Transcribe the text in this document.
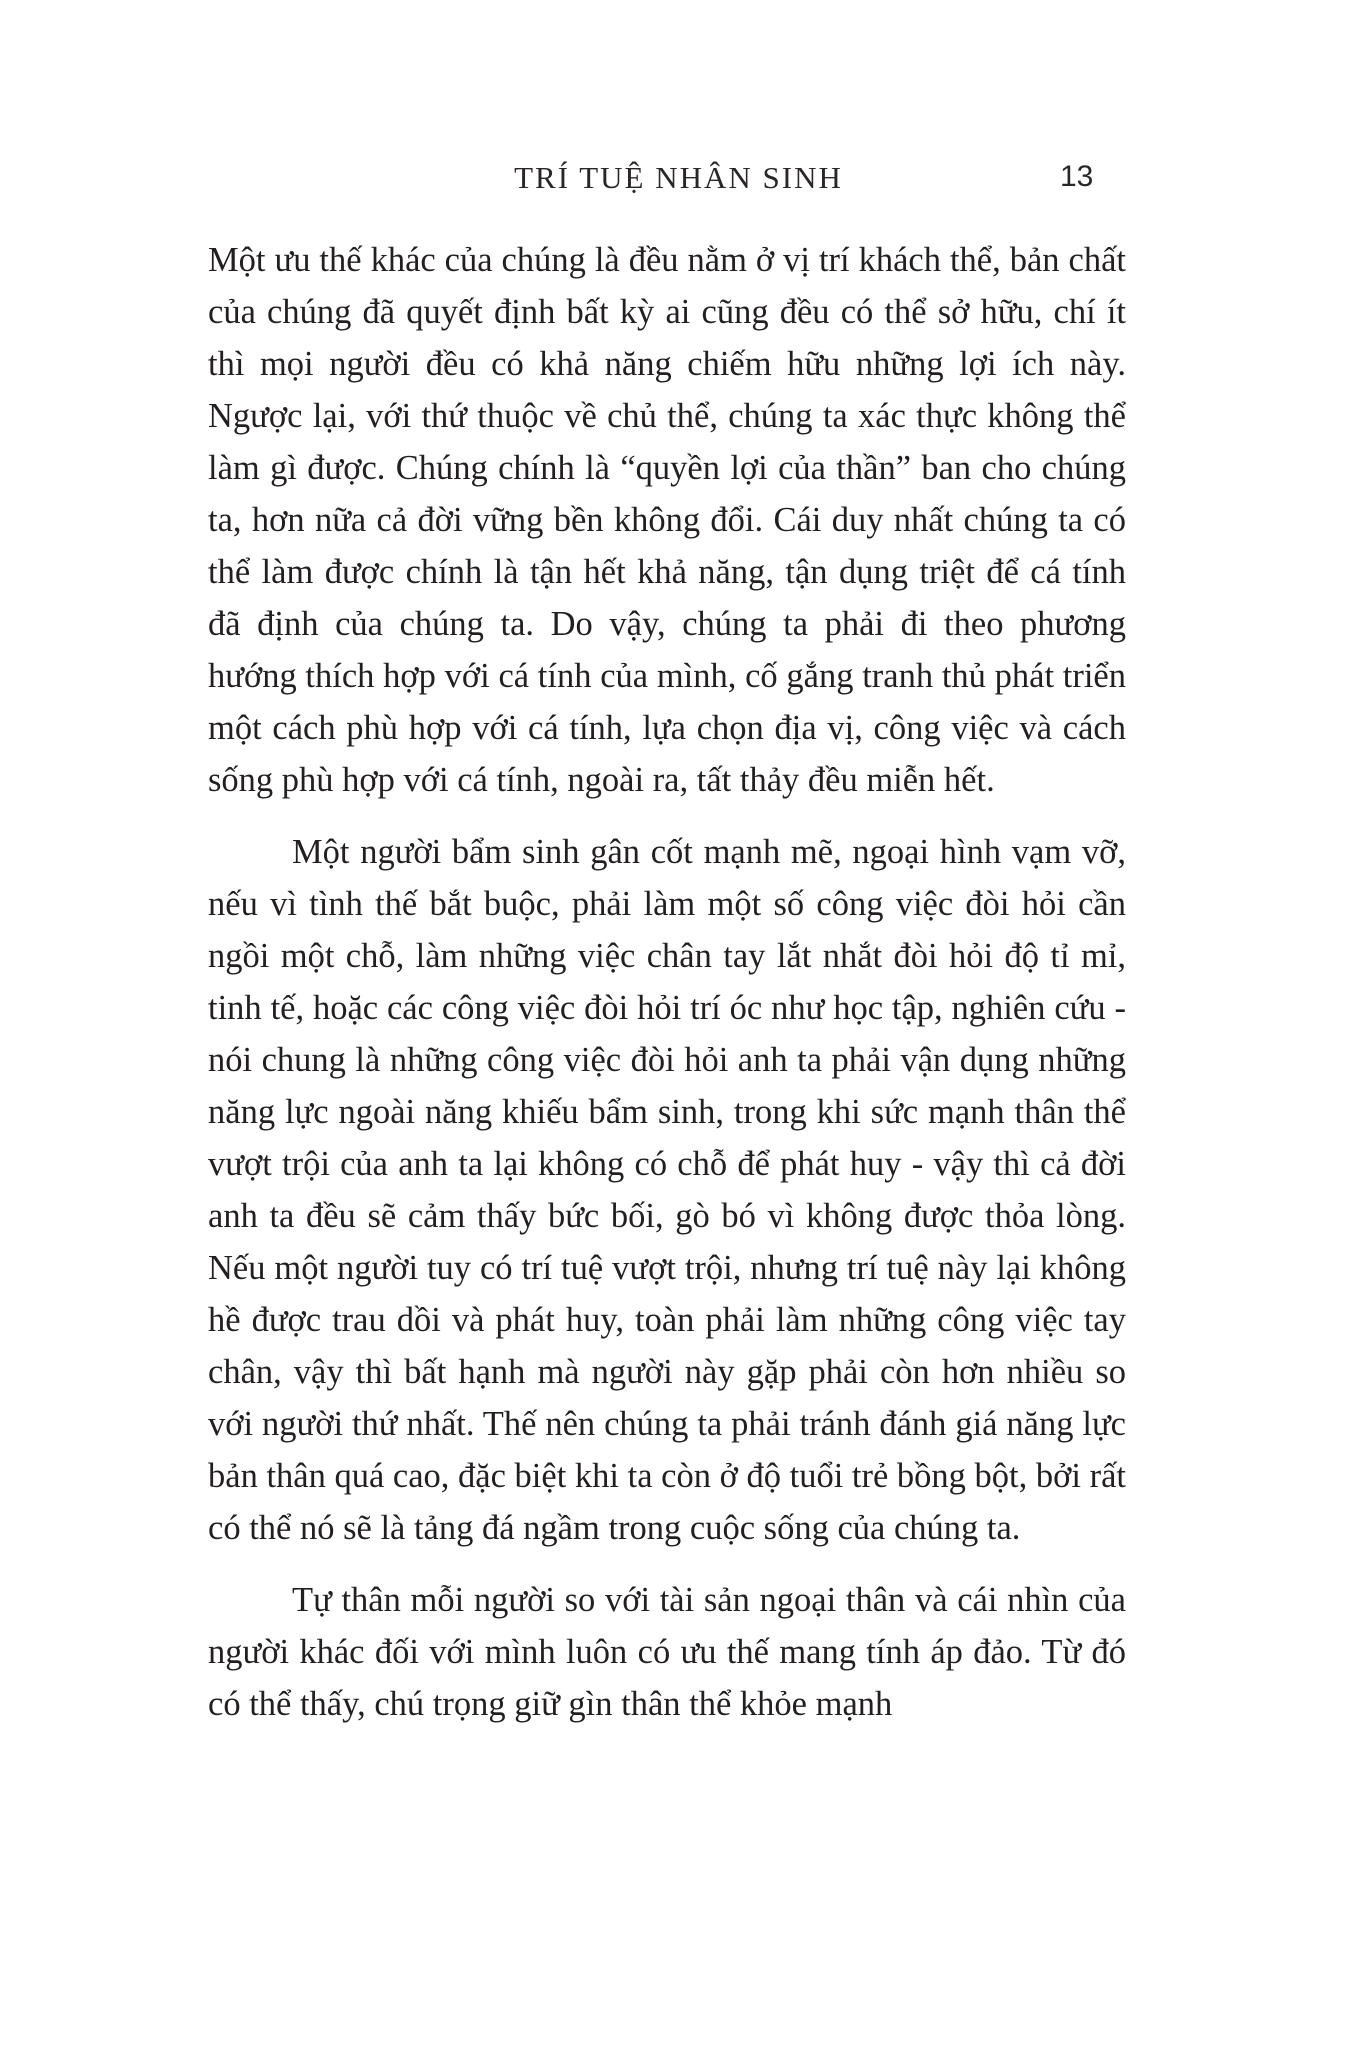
TRÍ TUỆ NHÂN SINH	13

Một ưu thế khác của chúng là đều nằm ở vị trí khách thể, bản chất của chúng đã quyết định bất kỳ ai cũng đều có thể sở hữu, chí ít thì mọi người đều có khả năng chiếm hữu những lợi ích này. Ngược lại, với thứ thuộc về chủ thể, chúng ta xác thực không thể làm gì được. Chúng chính là “quyền lợi của thần” ban cho chúng ta, hơn nữa cả đời vững bền không đổi. Cái duy nhất chúng ta có thể làm được chính là tận hết khả năng, tận dụng triệt để cá tính đã định của chúng ta. Do vậy, chúng ta phải đi theo phương hướng thích hợp với cá tính của mình, cố gắng tranh thủ phát triển một cách phù hợp với cá tính, lựa chọn địa vị, công việc và cách sống phù hợp với cá tính, ngoài ra, tất thảy đều miễn hết.

Một người bẩm sinh gân cốt mạnh mẽ, ngoại hình vạm vỡ, nếu vì tình thế bắt buộc, phải làm một số công việc đòi hỏi cần ngồi một chỗ, làm những việc chân tay lắt nhắt đòi hỏi độ tỉ mỉ, tinh tế, hoặc các công việc đòi hỏi trí óc như học tập, nghiên cứu - nói chung là những công việc đòi hỏi anh ta phải vận dụng những năng lực ngoài năng khiếu bẩm sinh, trong khi sức mạnh thân thể vượt trội của anh ta lại không có chỗ để phát huy - vậy thì cả đời anh ta đều sẽ cảm thấy bức bối, gò bó vì không được thỏa lòng. Nếu một người tuy có trí tuệ vượt trội, nhưng trí tuệ này lại không hề được trau dồi và phát huy, toàn phải làm những công việc tay chân, vậy thì bất hạnh mà người này gặp phải còn hơn nhiều so với người thứ nhất. Thế nên chúng ta phải tránh đánh giá năng lực bản thân quá cao, đặc biệt khi ta còn ở độ tuổi trẻ bồng bột, bởi rất có thể nó sẽ là tảng đá ngầm trong cuộc sống của chúng ta.

Tự thân mỗi người so với tài sản ngoại thân và cái nhìn của người khác đối với mình luôn có ưu thế mang tính áp đảo. Từ đó có thể thấy, chú trọng giữ gìn thân thể khỏe mạnh
